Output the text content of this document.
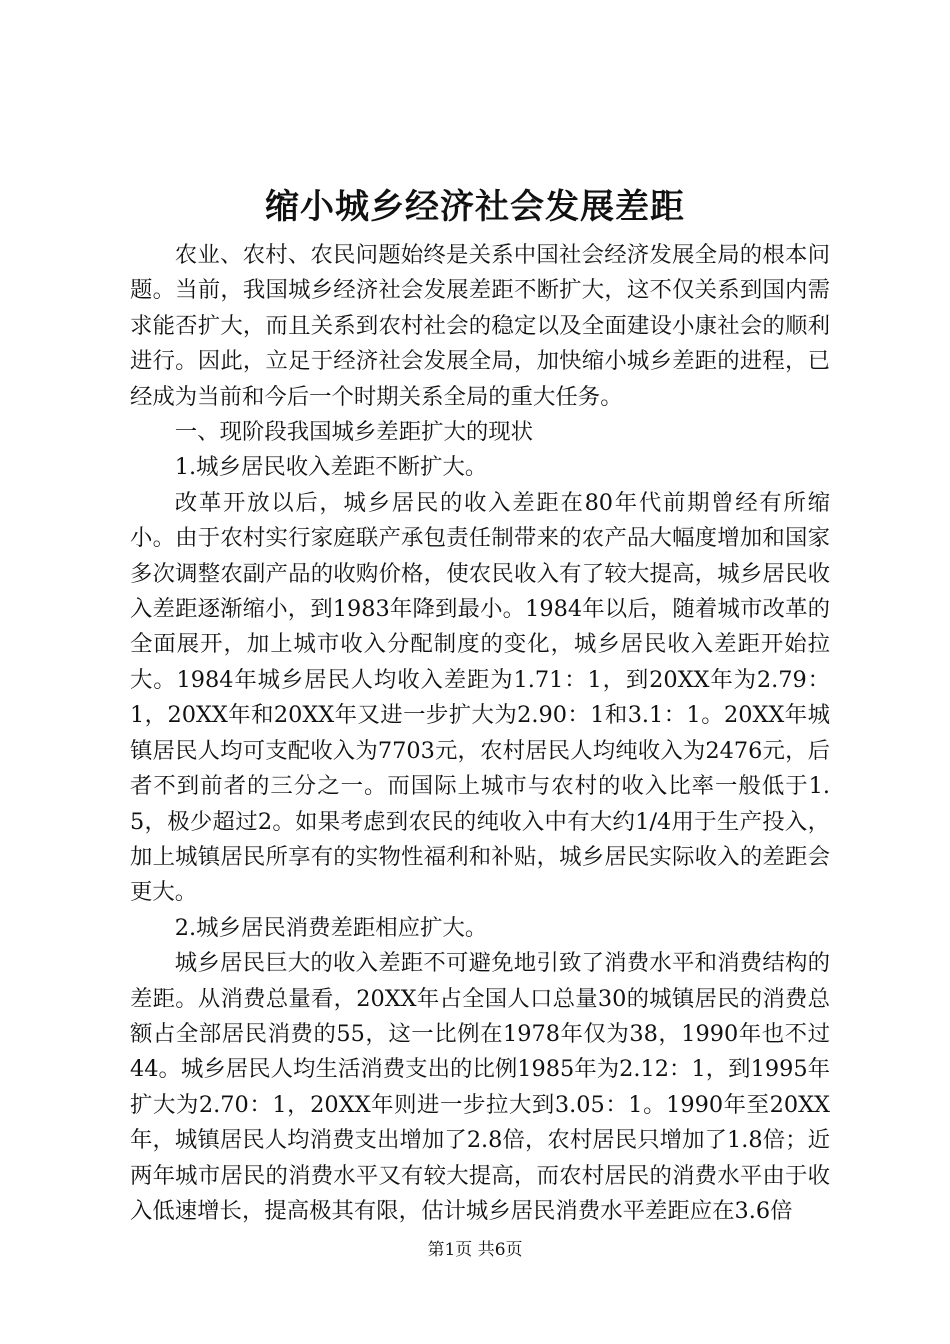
缩小城乡经济社会发展差距

农业、农村、农民问题始终是关系中国社会经济发展全局的根本问题。当前，我国城乡经济社会发展差距不断扩大，这不仅关系到国内需求能否扩大，而且关系到农村社会的稳定以及全面建设小康社会的顺利进行。因此，立足于经济社会发展全局，加快缩小城乡差距的进程，已经成为当前和今后一个时期关系全局的重大任务。

一、现阶段我国城乡差距扩大的现状

1.城乡居民收入差距不断扩大。

改革开放以后，城乡居民的收入差距在80年代前期曾经有所缩小。由于农村实行家庭联产承包责任制带来的农产品大幅度增加和国家多次调整农副产品的收购价格，使农民收入有了较大提高，城乡居民收入差距逐渐缩小，到1983年降到最小。1984年以后，随着城市改革的全面展开，加上城市收入分配制度的变化，城乡居民收入差距开始拉大。1984年城乡居民人均收入差距为1.71：1，到20XX年为2.79：1，20XX年和20XX年又进一步扩大为2.90：1和3.1：1。20XX年城镇居民人均可支配收入为7703元，农村居民人均纯收入为2476元，后者不到前者的三分之一。而国际上城市与农村的收入比率一般低于1.5，极少超过2。如果考虑到农民的纯收入中有大约1/4用于生产投入，加上城镇居民所享有的实物性福利和补贴，城乡居民实际收入的差距会更大。

2.城乡居民消费差距相应扩大。

城乡居民巨大的收入差距不可避免地引致了消费水平和消费结构的差距。从消费总量看，20XX年占全国人口总量30的城镇居民的消费总额占全部居民消费的55，这一比例在1978年仅为38，1990年也不过44。城乡居民人均生活消费支出的比例1985年为2.12：1，到1995年扩大为2.70：1，20XX年则进一步拉大到3.05：1。1990年至20XX年，城镇居民人均消费支出增加了2.8倍，农村居民只增加了1.8倍；近两年城市居民的消费水平又有较大提高，而农村居民的消费水平由于收入低速增长，提高极其有限，估计城乡居民消费水平差距应在3.6倍

第1页 共6页
